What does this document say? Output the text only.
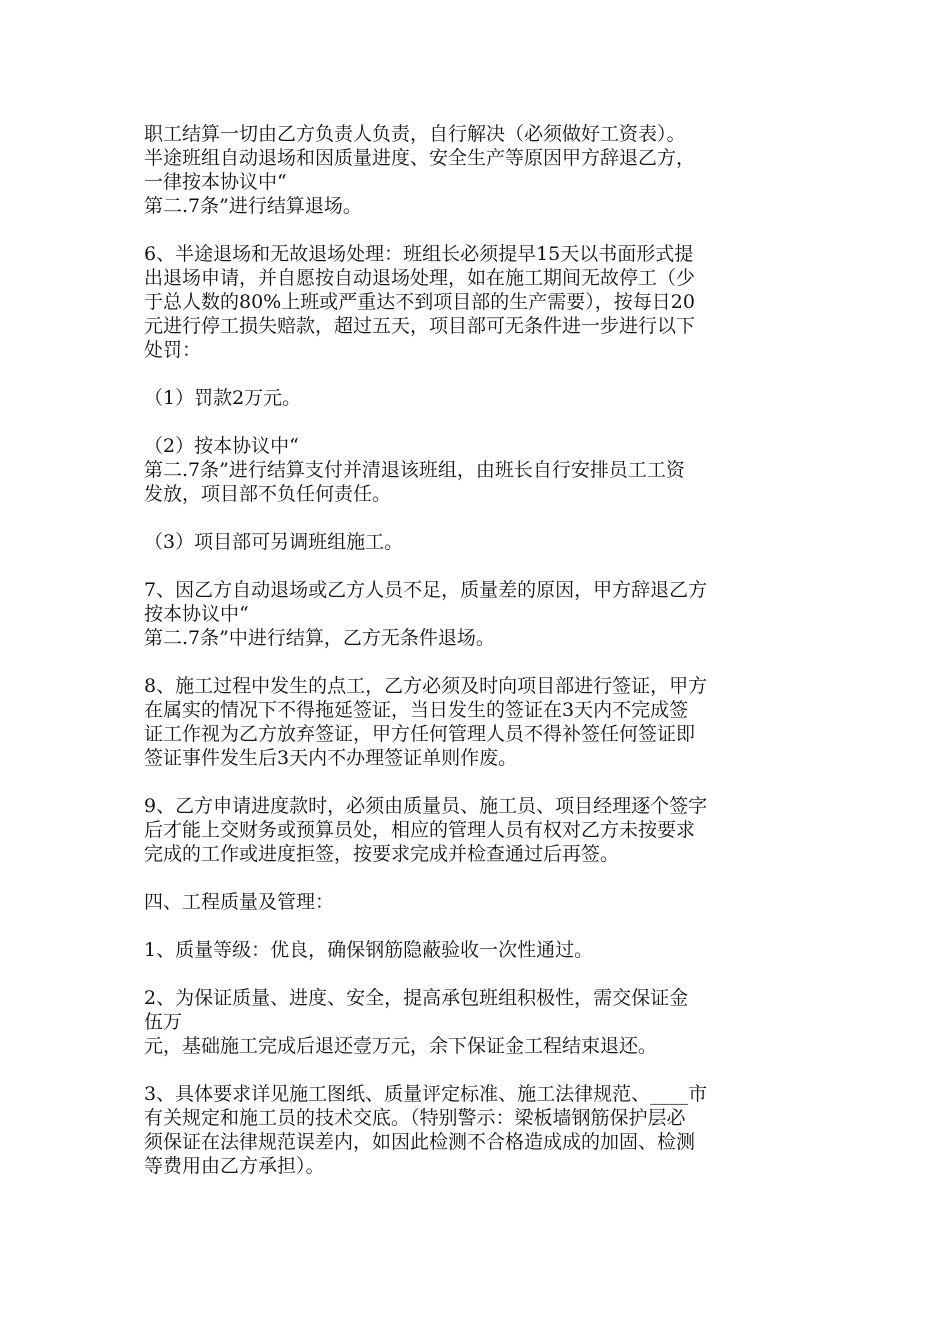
职工结算一切由乙方负责人负责，自行解决（必须做好工资表）。
半途班组自动退场和因质量进度、安全生产等原因甲方辞退乙方，
一律按本协议中“
第二.7条”进行结算退场。

6、半途退场和无故退场处理：班组长必须提早15天以书面形式提
出退场申请，并自愿按自动退场处理，如在施工期间无故停工（少
于总人数的80%上班或严重达不到项目部的生产需要），按每日20
元进行停工损失赔款，超过五天，项目部可无条件进一步进行以下
处罚：

（1）罚款2万元。

（2）按本协议中“
第二.7条”进行结算支付并清退该班组，由班长自行安排员工工资
发放，项目部不负任何责任。

（3）项目部可另调班组施工。

7、因乙方自动退场或乙方人员不足，质量差的原因，甲方辞退乙方
按本协议中“
第二.7条”中进行结算，乙方无条件退场。

8、施工过程中发生的点工，乙方必须及时向项目部进行签证，甲方
在属实的情况下不得拖延签证，当日发生的签证在3天内不完成签
证工作视为乙方放弃签证，甲方任何管理人员不得补签任何签证即
签证事件发生后3天内不办理签证单则作废。

9、乙方申请进度款时，必须由质量员、施工员、项目经理逐个签字
后才能上交财务或预算员处，相应的管理人员有权对乙方未按要求
完成的工作或进度拒签，按要求完成并检查通过后再签。

四、工程质量及管理：

1、质量等级：优良，确保钢筋隐蔽验收一次性通过。

2、为保证质量、进度、安全，提高承包班组积极性，需交保证金
伍万
元，基础施工完成后退还壹万元，余下保证金工程结束退还。

3、具体要求详见施工图纸、质量评定标准、施工法律规范、____市
有关规定和施工员的技术交底。（特别警示：梁板墙钢筋保护层必
须保证在法律规范误差内，如因此检测不合格造成成的加固、检测
等费用由乙方承担）。
